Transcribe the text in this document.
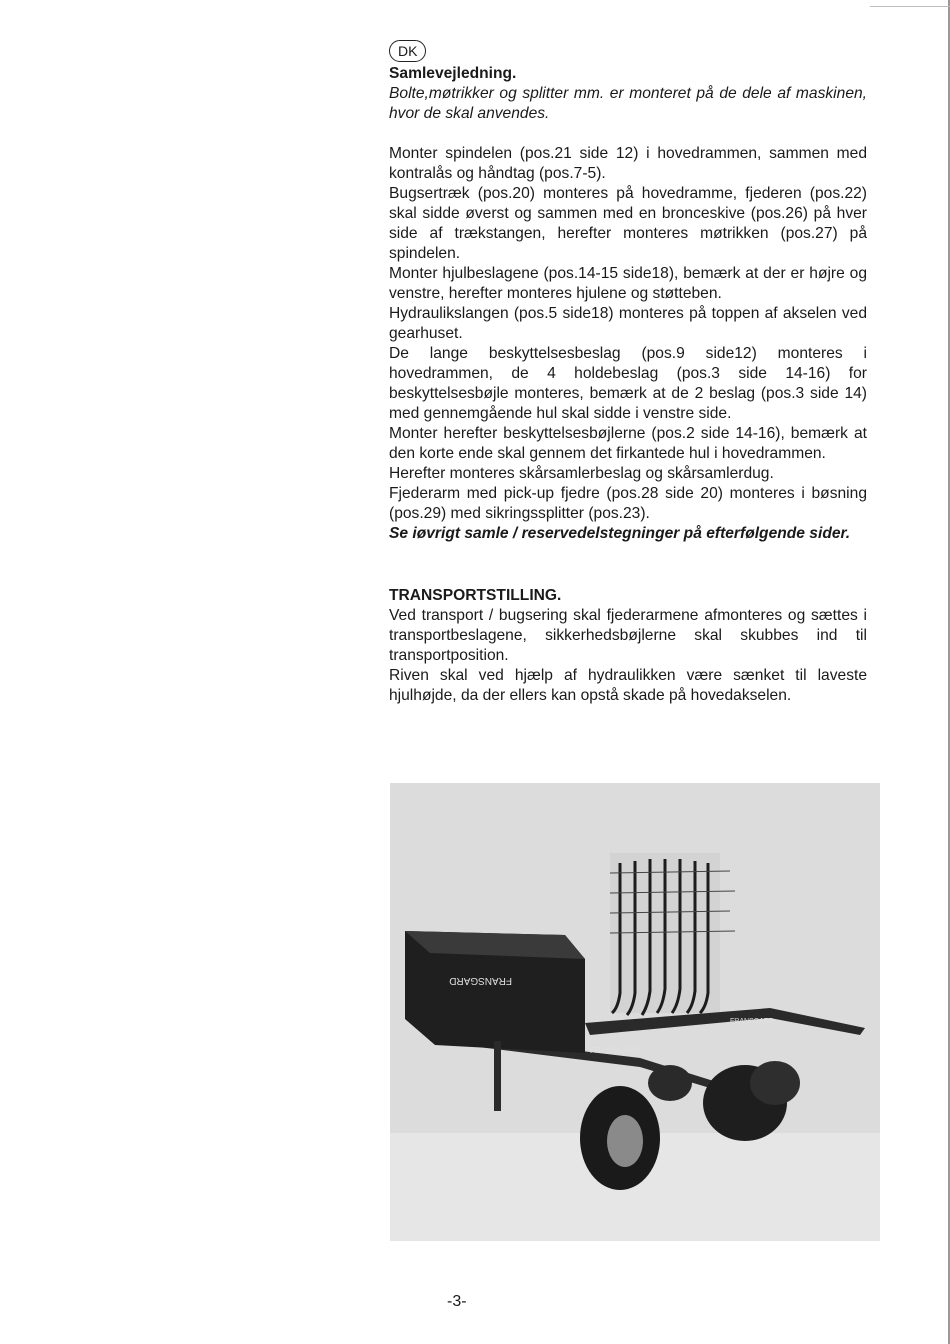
DK
Samlevejledning.
Bolte,møtrikker og splitter mm. er monteret på de dele af maskinen, hvor de skal anvendes.

Monter spindelen (pos.21 side 12) i hovedrammen, sammen med kontralås og håndtag (pos.7-5).

Bugsertræk (pos.20) monteres på hovedramme, fjederen (pos.22) skal sidde øverst og sammen med en bronceskive (pos.26) på hver side af trækstangen, herefter monteres møtrikken (pos.27) på spindelen.

Monter hjulbeslagene (pos.14-15 side18), bemærk at der er højre og venstre, herefter monteres hjulene og støtteben.

Hydraulikslangen (pos.5 side18) monteres på toppen af akselen ved gearhuset.

De lange beskyttelsesbeslag (pos.9 side12) monteres i hovedrammen, de 4 holdebeslag (pos.3 side 14-16) for beskyttelsesbøjle monteres, bemærk at de 2 beslag (pos.3 side 14) med gennemgående hul skal sidde i venstre side.

Monter herefter beskyttelsesbøjlerne (pos.2 side 14-16), bemærk at den korte ende skal gennem det firkantede hul i hovedrammen.

Herefter monteres skårsamlerbeslag og skårsamlerdug.

Fjederarm med pick-up fjedre (pos.28 side 20) monteres i bøsning (pos.29) med sikringssplitter (pos.23).

Se iøvrigt samle / reservedelstegninger på efterfølgende sider.
TRANSPORTSTILLING.

Ved transport / bugsering skal fjederarmene afmonteres og sættes i transportbeslagene, sikkerhedsbøjlerne skal skubbes ind til transportposition.

Riven skal ved hjælp af hydraulikken være sænket til laveste hjulhøjde, da der ellers kan opstå skade på hovedakselen.

FRANSGARD
FRANSGARD
FRANSGARD
-3-
